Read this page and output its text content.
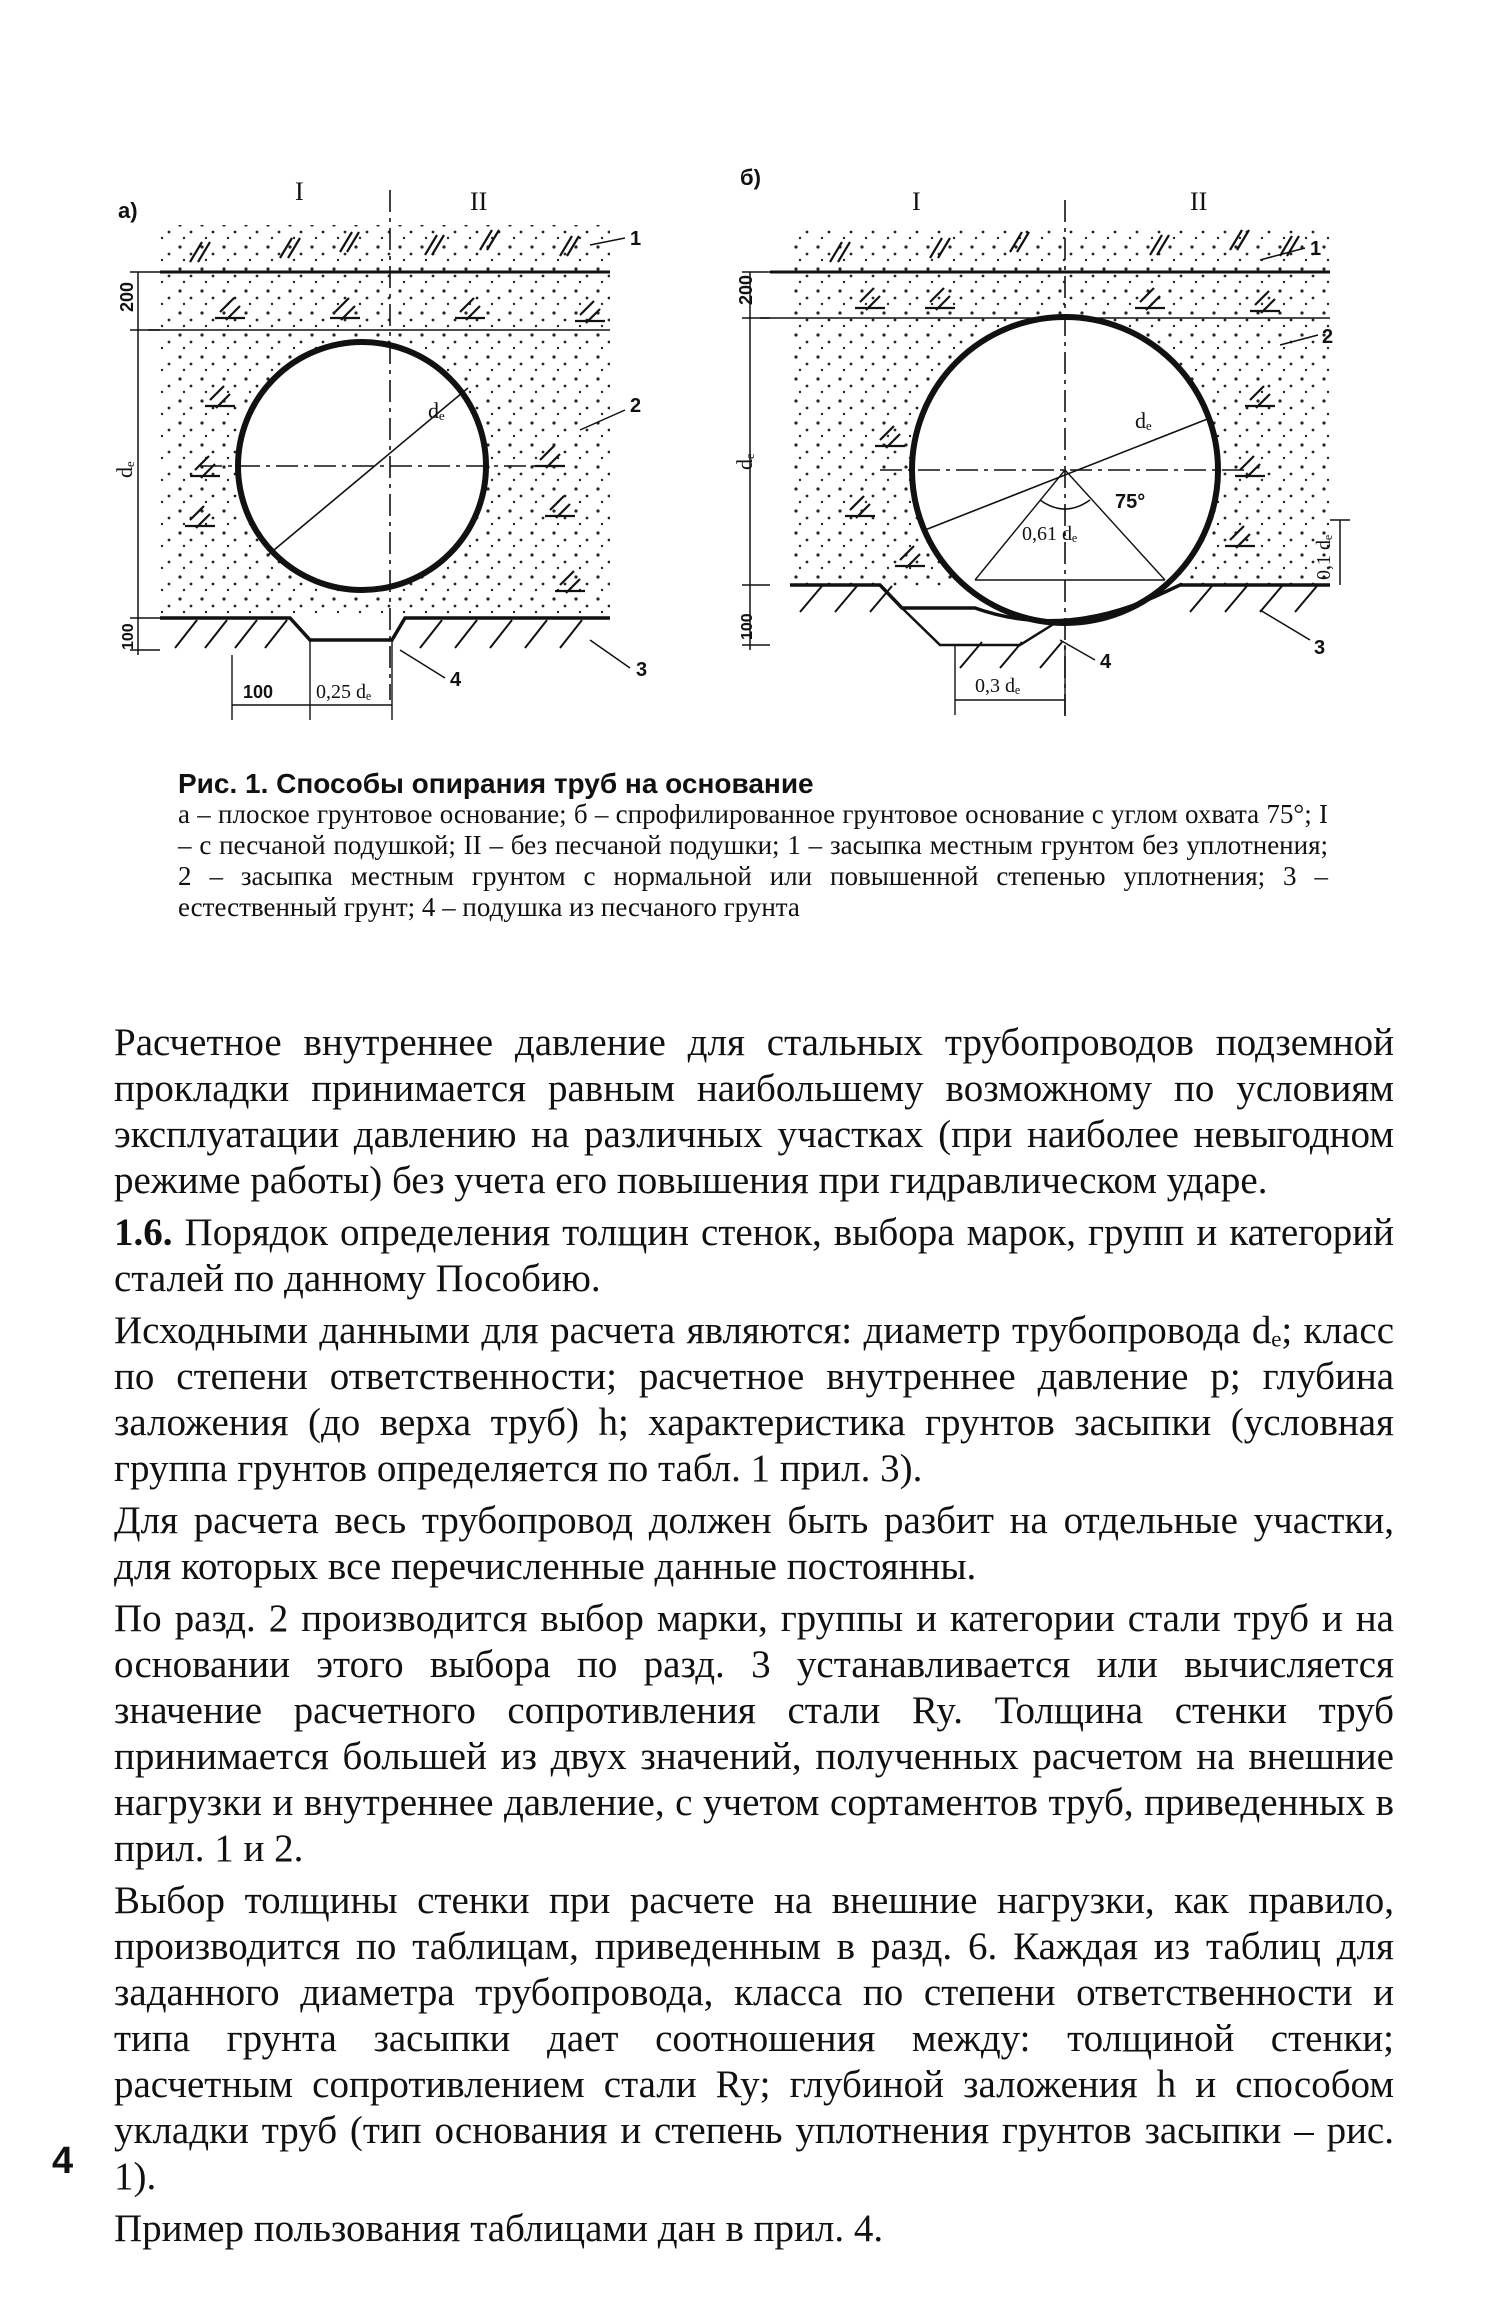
а)
I	II
dₑ
200
dₑ
100
100 0,25 dₑ
1
2
3
4
б)
I	II
dₑ
75°
0,61 dₑ
200
dₑ
100
0,1 dₑ
0,3 dₑ
1
2
3
4
Рис. 1. Способы опирания труб на основание
а – плоское грунтовое основание; б – спрофилированное грунтовое основание с углом охвата 75°; I – с песчаной подушкой; II – без песчаной подушки; 1 – засыпка местным грунтом без уплотнения; 2 – засыпка местным грунтом с нормальной или повышенной степенью уплотнения; 3 – естественный грунт; 4 – подушка из песчаного грунта

Расчетное внутреннее давление для стальных трубопроводов подземной прокладки принимается равным наибольшему возможному по условиям эксплуатации давлению на различных участках (при наиболее невыгодном режиме работы) без учета его повышения при гидравлическом ударе.

1.6. Порядок определения толщин стенок, выбора марок, групп и категорий сталей по данному Пособию.

Исходными данными для расчета являются: диаметр трубопровода dₑ; класс по степени ответственности; расчетное внутреннее давление p; глубина заложения (до верха труб) h; характеристика грунтов засыпки (условная группа грунтов определяется по табл. 1 прил. 3).

Для расчета весь трубопровод должен быть разбит на отдельные участки, для которых все перечисленные данные постоянны.

По разд. 2 производится выбор марки, группы и категории стали труб и на основании этого выбора по разд. 3 устанавливается или вычисляется значение расчетного сопротивления стали Ry. Толщина стенки труб принимается большей из двух значений, полученных расчетом на внешние нагрузки и внутреннее давление, с учетом сортаментов труб, приведенных в прил. 1 и 2.

Выбор толщины стенки при расчете на внешние нагрузки, как правило, производится по таблицам, приведенным в разд. 6. Каждая из таблиц для заданного диаметра трубопровода, класса по степени ответственности и типа грунта засыпки дает соотношения между: толщиной стенки; расчетным сопротивлением стали Ry; глубиной заложения h и способом укладки труб (тип основания и степень уплотнения грунтов засыпки – рис. 1).

Пример пользования таблицами дан в прил. 4.

4
